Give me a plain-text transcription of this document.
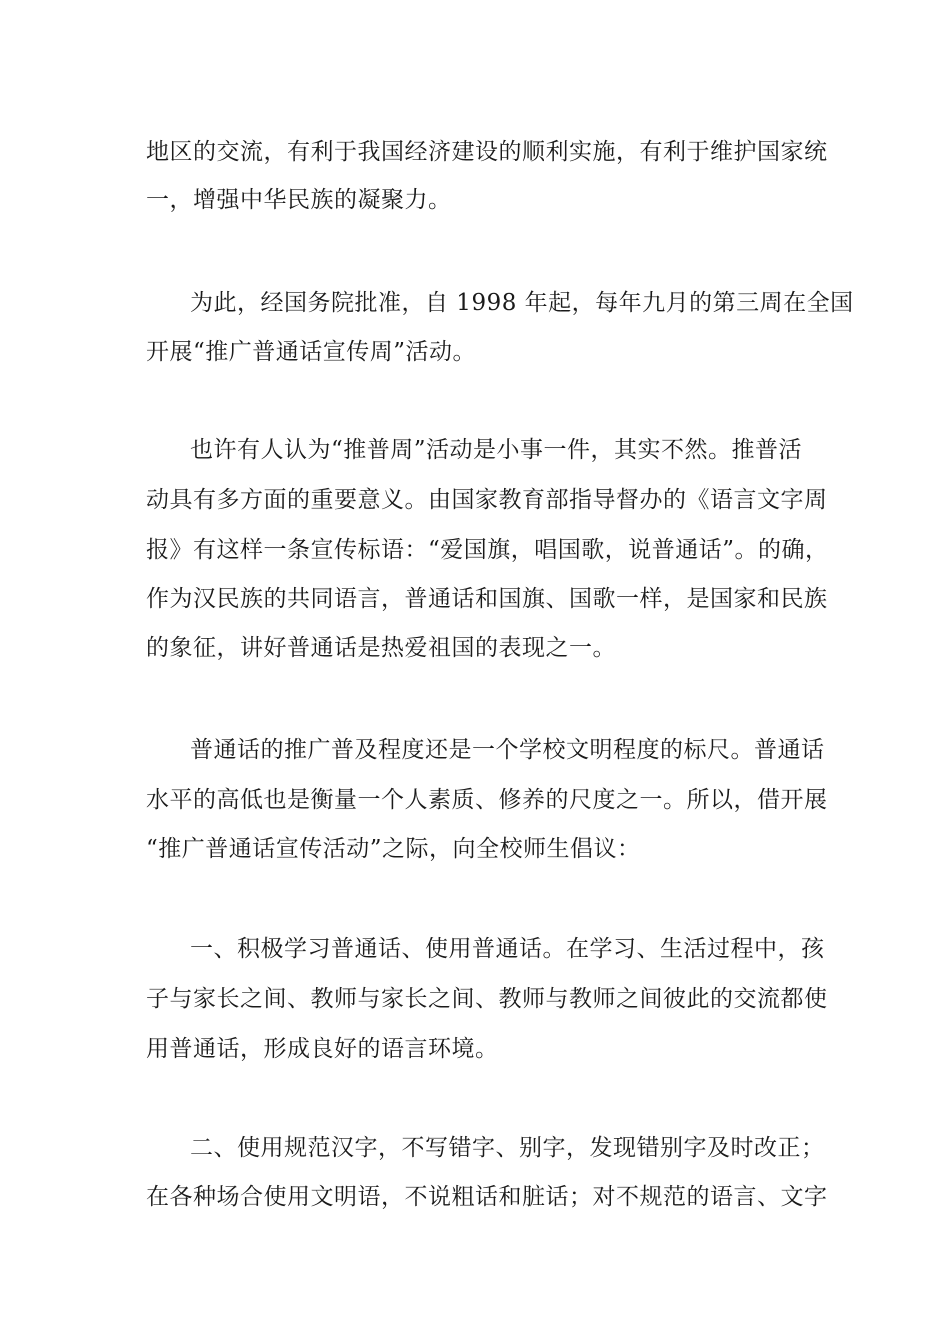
地区的交流，有利于我国经济建设的顺利实施，有利于维护国家统

一，增强中华民族的凝聚力。

为此，经国务院批准，自 1998 年起，每年九月的第三周在全国

开展“推广普通话宣传周”活动。

也许有人认为“推普周”活动是小事一件，其实不然。推普活

动具有多方面的重要意义。由国家教育部指导督办的《语言文字周

报》有这样一条宣传标语：“爱国旗，唱国歌，说普通话”。的确，

作为汉民族的共同语言，普通话和国旗、国歌一样，是国家和民族

的象征，讲好普通话是热爱祖国的表现之一。

普通话的推广普及程度还是一个学校文明程度的标尺。普通话

水平的高低也是衡量一个人素质、修养的尺度之一。所以，借开展

“推广普通话宣传活动”之际，向全校师生倡议：

一、积极学习普通话、使用普通话。在学习、生活过程中，孩

子与家长之间、教师与家长之间、教师与教师之间彼此的交流都使

用普通话，形成良好的语言环境。

二、使用规范汉字，不写错字、别字，发现错别字及时改正；

在各种场合使用文明语，不说粗话和脏话；对不规范的语言、文字
